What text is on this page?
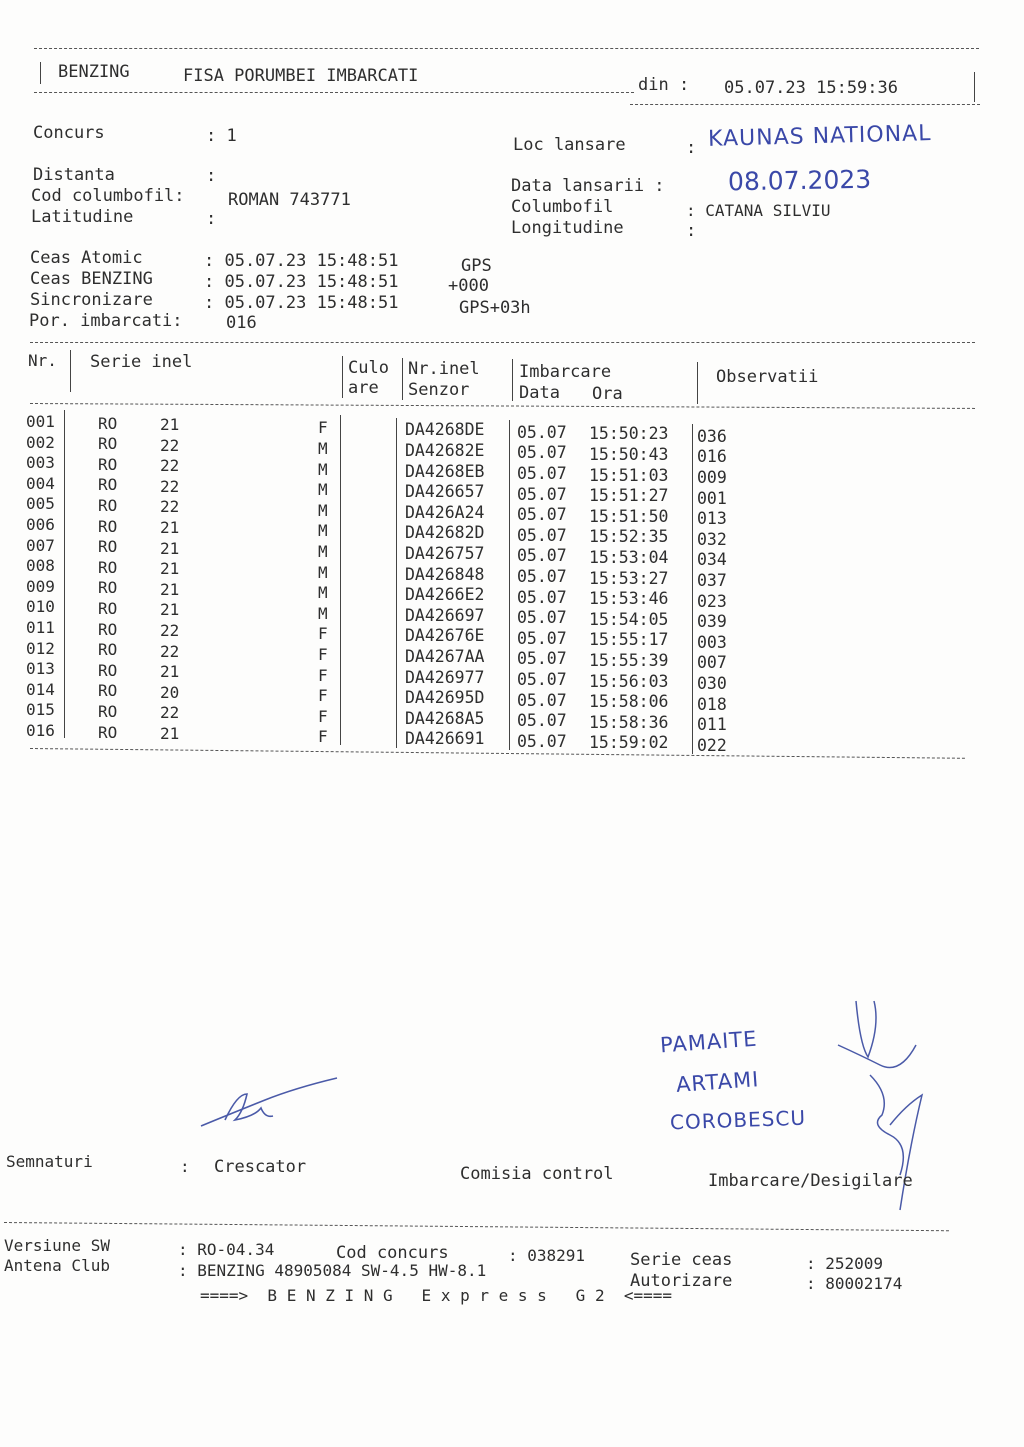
BENZING	FISA PORUMBEI IMBARCATI	din : 05.07.23 15:59:36
Concurs	: 1
Distanta	:
Cod columbofil:	ROMAN 743771
Latitudine	:
Loc lansare	: KAUNAS NATIONAL
Data lansarii :	08.07.2023
Columbofil	: CATANA SILVIU
Longitudine	:
Ceas Atomic	: 05.07.23 15:48:51	GPS
Ceas BENZING	: 05.07.23 15:48:51	+000
Sincronizare	: 05.07.23 15:48:51	GPS+03h
Por. imbarcati:	016
Nr. Serie inel	Culo
are
Nr.inel
Senzor
Imbarcare
Data Ora
Observatii
001	RO	21	F	DA4268DE 05.07 15:50:23 036
002	RO	22	M	DA42682E 05.07 15:50:43 016
003	RO	22	M	DA4268EB 05.07 15:51:03 009
004	RO	22	M	DA426657 05.07 15:51:27 001
005	RO	22	M	DA426A24 05.07 15:51:50 013
006	RO	21	M	DA42682D 05.07 15:52:35 032
007	RO	21	M	DA426757 05.07 15:53:04 034
008	RO	21	M	DA426848 05.07 15:53:27 037
009	RO	21	M	DA4266E2 05.07 15:53:46 023
010	RO	21	M	DA426697 05.07 15:54:05 039
011	RO	22	F	DA42676E 05.07 15:55:17 003
012	RO	22	F	DA4267AA 05.07 15:55:39 007
013	RO	21	F	DA426977 05.07 15:56:03 030
014	RO	20	F	DA42695D 05.07 15:58:06 018
015	RO	22	F	DA4268A5 05.07 15:58:36 011
016	RO	21	F	DA426691 05.07 15:59:02 022
PAMAITE
ARTAMI
COROBESCU
Semnaturi	: Crescator	Comisia control	Imbarcare/Desigilare
Versiune SW	: RO-04.34	Cod concurs	: 038291	Serie ceas	: 252009
Antena Club	: BENZING 48905084 SW-4.5 HW-8.1
Autorizare	: 80002174
====>  B E N Z I N G   E x p r e s s   G 2  <====
